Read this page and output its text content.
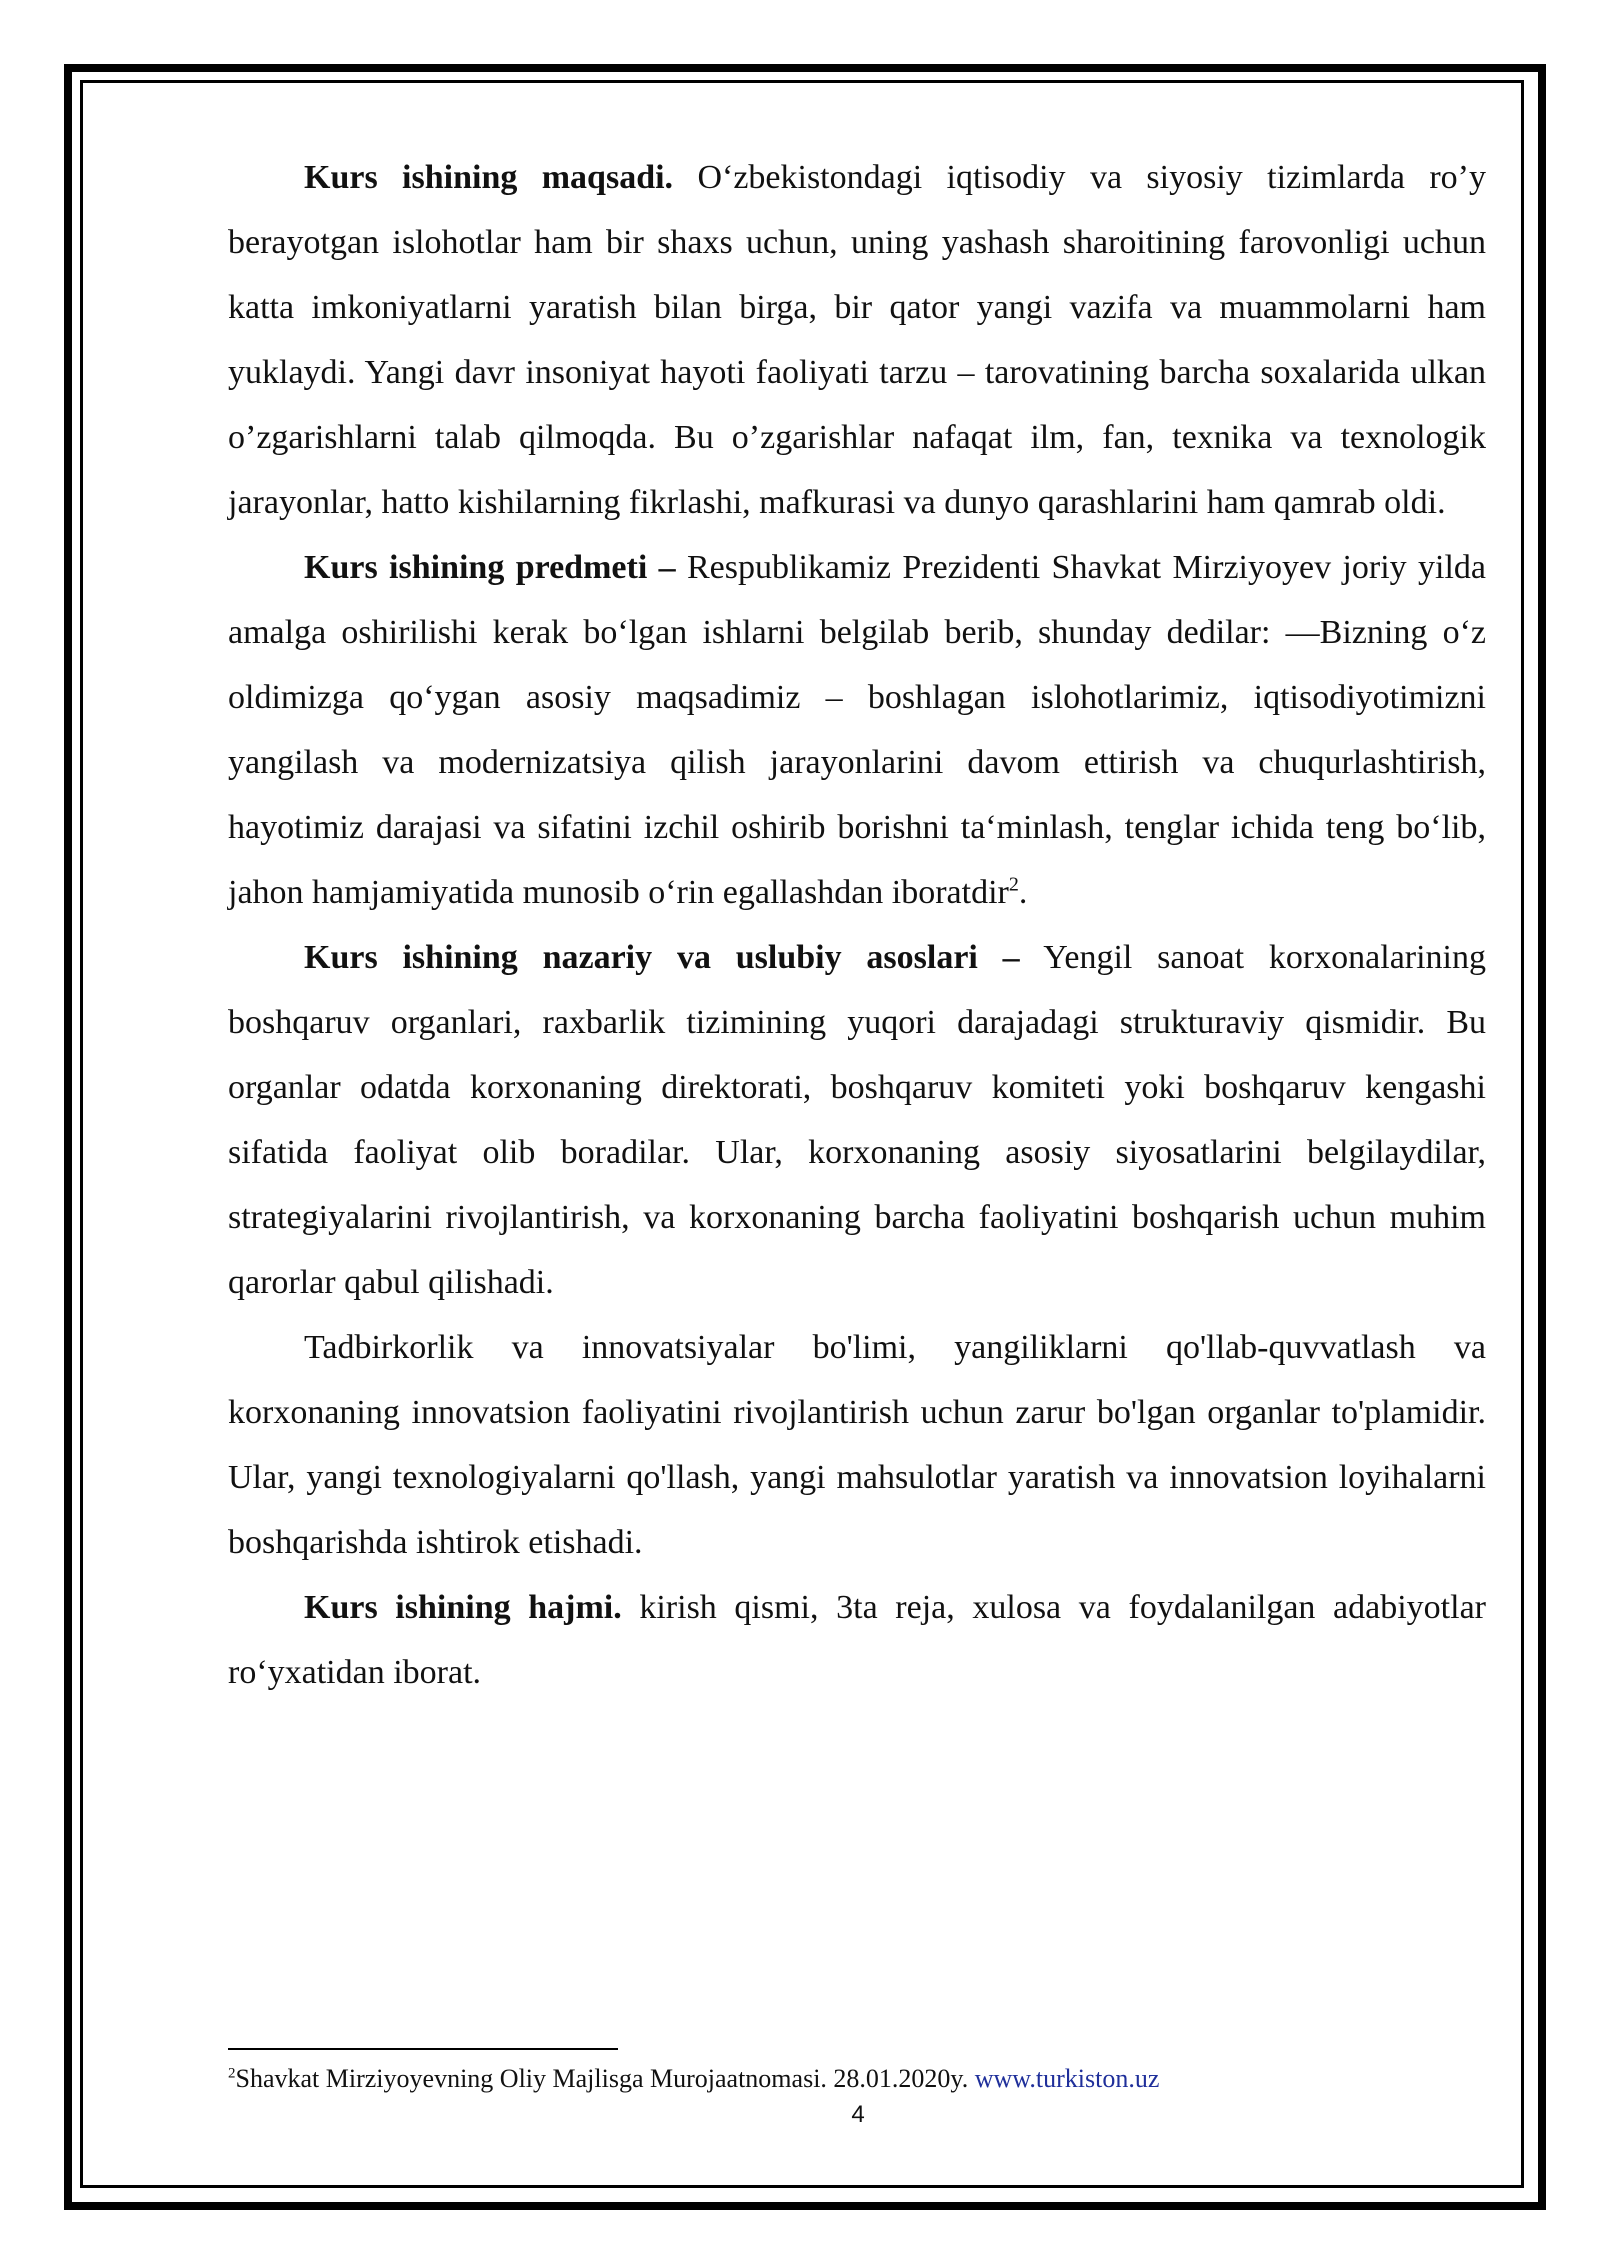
Kurs ishining maqsadi. O‘zbekistondagi iqtisodiy va siyosiy tizimlarda ro’y berayotgan islohotlar ham bir shaxs uchun, uning yashash sharoitining farovonligi uchun katta imkoniyatlarni yaratish bilan birga, bir qator yangi vazifa va muammolarni ham yuklaydi. Yangi davr insoniyat hayoti faoliyati tarzu – tarovatining barcha soxalarida ulkan o’zgarishlarni talab qilmoqda. Bu o’zgarishlar nafaqat ilm, fan, texnika va texnologik jarayonlar, hatto kishilarning fikrlashi, mafkurasi va dunyo qarashlarini ham qamrab oldi.

Kurs ishining predmeti – Respublikamiz Prezidenti Shavkat Mirziyoyev joriy yilda amalga oshirilishi kerak bo‘lgan ishlarni belgilab berib, shunday dedilar: ―Bizning o‘z oldimizga qo‘ygan asosiy maqsadimiz – boshlagan islohotlarimiz, iqtisodiyotimizni yangilash va modernizatsiya qilish jarayonlarini davom ettirish va chuqurlashtirish, hayotimiz darajasi va sifatini izchil oshirib borishni ta‘minlash, tenglar ichida teng bo‘lib, jahon hamjamiyatida munosib o‘rin egallashdan iboratdir$^2$.

Kurs ishining nazariy va uslubiy asoslari – Yengil sanoat korxonalarining boshqaruv organlari, raxbarlik tizimining yuqori darajadagi strukturaviy qismidir. Bu organlar odatda korxonaning direktorati, boshqaruv komiteti yoki boshqaruv kengashi sifatida faoliyat olib boradilar. Ular, korxonaning asosiy siyosatlarini belgilaydilar, strategiyalarini rivojlantirish, va korxonaning barcha faoliyatini boshqarish uchun muhim qarorlar qabul qilishadi.

Tadbirkorlik va innovatsiyalar bo'limi, yangiliklarni qo'llab-quvvatlash va korxonaning innovatsion faoliyatini rivojlantirish uchun zarur bo'lgan organlar to'plamidir. Ular, yangi texnologiyalarni qo'llash, yangi mahsulotlar yaratish va innovatsion loyihalarni boshqarishda ishtirok etishadi.

Kurs ishining hajmi. kirish qismi, 3ta reja, xulosa va foydalanilgan adabiyotlar ro‘yxatidan iborat.

$^2$Shavkat Mirziyoyevning Oliy Majlisga Murojaatnomasi. 28.01.2020y. www.turkiston.uz
4
